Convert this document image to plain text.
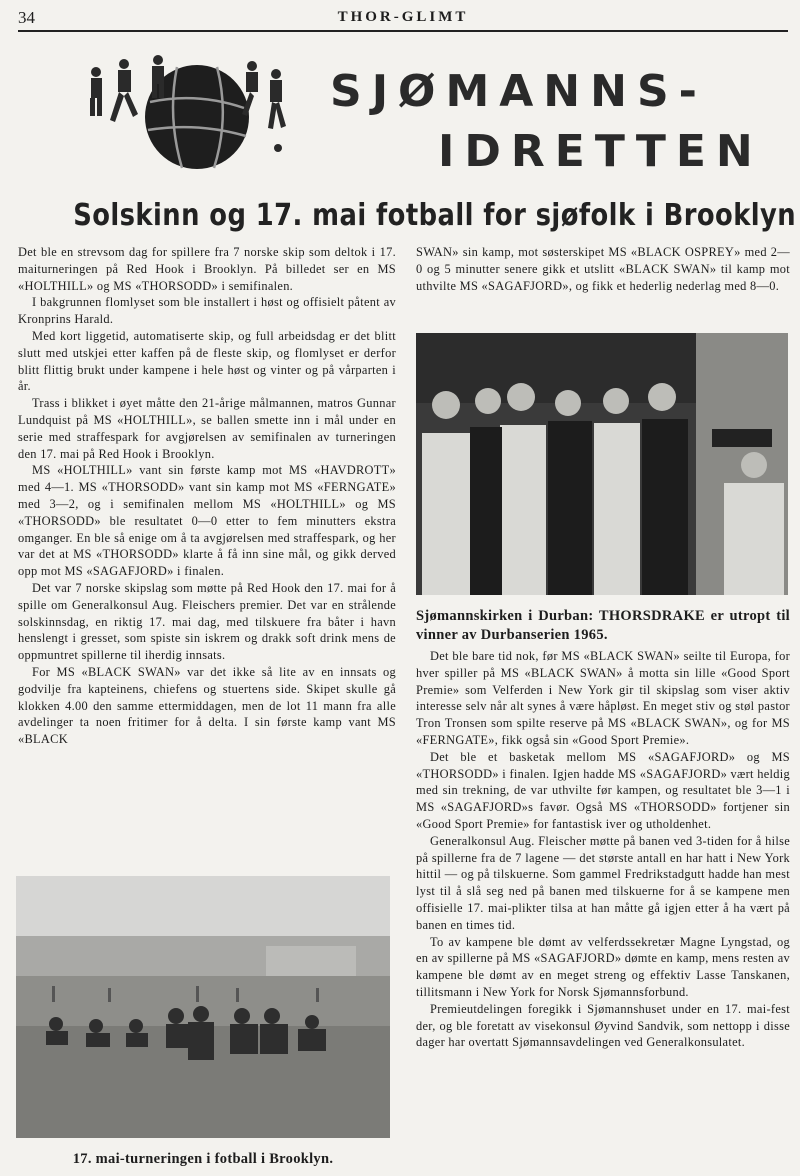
34	THOR-GLIMT
SJØMANNS-
IDRETTEN
Solskinn og 17. mai fotball for sjøfolk i Brooklyn

Det ble en strevsom dag for spillere fra 7 norske skip som deltok i 17. maiturneringen på Red Hook i Brooklyn. På billedet ser en MS «HOLTHILL» og MS «THORSODD» i semifinalen.

I bakgrunnen flomlyset som ble installert i høst og offisielt påtent av Kronprins Harald.

Med kort liggetid, automatiserte skip, og full arbeidsdag er det blitt slutt med utskjei etter kaffen på de fleste skip, og flomlyset er derfor blitt flittig brukt under kampene i hele høst og vinter og på vårparten i år.

Trass i blikket i øyet måtte den 21-årige målmannen, matros Gunnar Lundquist på MS «HOLTHILL», se ballen smette inn i mål under en serie med straffespark for avgjørelsen av semifinalen av turneringen den 17. mai på Red Hook i Brooklyn.

MS «HOLTHILL» vant sin første kamp mot MS «HAVDROTT» med 4—1. MS «THORSODD» vant sin kamp mot MS «FERNGATE» med 3—2, og i semifinalen mellom MS «HOLTHILL» og MS «THORSODD» ble resultatet 0—0 etter to fem minutters ekstra omganger. En ble så enige om å ta avgjørelsen med straffespark, og her var det at MS «THORSODD» klarte å få inn sine mål, og gikk derved opp mot MS «SAGAFJORD» i finalen.

Det var 7 norske skipslag som møtte på Red Hook den 17. mai for å spille om Generalkonsul Aug. Fleischers premier. Det var en strålende solskinnsdag, en riktig 17. mai dag, med tilskuere fra båter i havn henslengt i gresset, som spiste sin iskrem og drakk soft drink mens de oppmuntret spillerne til iherdig innsats.

For MS «BLACK SWAN» var det ikke så lite av en innsats og godvilje fra kapteinens, chiefens og stuertens side. Skipet skulle gå klokken 4.00 den samme ettermiddagen, men de lot 11 mann fra alle avdelinger ta noen fritimer for å delta. I sin første kamp vant MS «BLACK

SWAN» sin kamp, mot søsterskipet MS «BLACK OSPREY» med 2—0 og 5 minutter senere gikk et utslitt «BLACK SWAN» til kamp mot uthvilte MS «SAGAFJORD», og fikk et hederlig nederlag med 8—0.

Sjømannskirken i Durban: THORSDRAKE er utropt til vinner av Durbanserien 1965.

Det ble bare tid nok, før MS «BLACK SWAN» seilte til Europa, for hver spiller på MS «BLACK SWAN» å motta sin lille «Good Sport Premie» som Velferden i New York gir til skipslag som viser aktiv interesse selv når alt synes å være håpløst. En meget stiv og støl pastor Tron Tronsen som spilte reserve på MS «BLACK SWAN», og for MS «FERNGATE», fikk også sin «Good Sport Premie».

Det ble et basketak mellom MS «SAGAFJORD» og MS «THORSODD» i finalen. Igjen hadde MS «SAGAFJORD» vært heldig med sin trekning, de var uthvilte før kampen, og resultatet ble 3—1 i MS «SAGAFJORD»s favør. Også MS «THORSODD» fortjener sin «Good Sport Premie» for fantastisk iver og utholdenhet.

Generalkonsul Aug. Fleischer møtte på banen ved 3-tiden for å hilse på spillerne fra de 7 lagene — det største antall en har hatt i New York hittil — og på tilskuerne. Som gammel Fredrikstadgutt hadde han mest lyst til å slå seg ned på banen med tilskuerne for å se kampene men offisielle 17. mai-plikter tilsa at han måtte gå igjen etter å ha vært på banen en times tid.

To av kampene ble dømt av velferdssekretær Magne Lyngstad, og en av spillerne på MS «SAGAFJORD» dømte en kamp, mens resten av kampene ble dømt av en meget streng og effektiv Lasse Tanskanen, tillitsmann i New York for Norsk Sjømannsforbund.

Premieutdelingen foregikk i Sjømannshuset under en 17. mai-fest der, og ble foretatt av visekonsul Øyvind Sandvik, som nettopp i disse dager har overtatt Sjømannsavdelingen ved Generalkonsulatet.

17. mai-turneringen i fotball i Brooklyn.
